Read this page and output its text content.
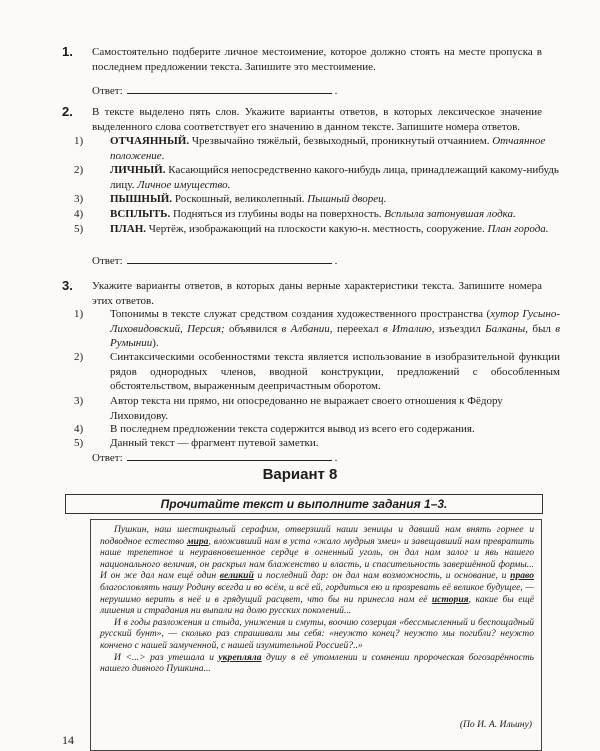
1. Самостоятельно подберите личное местоимение, которое должно стоять на месте пропуска в последнем предложении текста. Запишите это местоимение.
Ответ:	.
2. В тексте выделено пять слов. Укажите варианты ответов, в которых лексическое значение выделенного слова соответствует его значению в данном тексте. Запишите номера ответов.
1) ОТЧАЯННЫЙ. Чрезвычайно тяжёлый, безвыходный, проникнутый отчаянием. Отчаянное положение.
2) ЛИЧНЫЙ. Касающийся непосредственно какого-нибудь лица, принадлежащий какому-нибудь лицу. Личное имущество.
3) ПЫШНЫЙ. Роскошный, великолепный. Пышный дворец.
4) ВСПЛЫТЬ. Подняться из глубины воды на поверхность. Всплыла затонувшая лодка.
5) ПЛАН. Чертёж, изображающий на плоскости какую-н. местность, сооружение. План города.
Ответ:	.
3. Укажите варианты ответов, в которых даны верные характеристики текста. Запишите номера этих ответов.
1) Топонимы в тексте служат средством создания художественного пространства (хутор Гусыно-Лиховидовский, Персия; объявился в Албании, переехал в Италию, изъездил Балканы, был в Румынии).
2) Синтаксическими особенностями текста является использование в изобразительной функции рядов однородных членов, вводной конструкции, предложений с обособленным обстоятельством, выраженным деепричастным оборотом.
3) Автор текста ни прямо, ни опосредованно не выражает своего отношения к Фёдору Лиховидову.
4) В последнем предложении текста содержится вывод из всего его содержания.
Вариант 8
Прочитайте текст и выполните задания 1–3.

Пушкин, наш шестикрылый серафим, отверзший наши зеницы и давший нам внять горнее и подводное естество мира, вложивший нам в уста «жало мудрыя змеи» и завещавший нам превратить наше трепетное и неуравновешенное сердце в огненный уголь, он дал нам залог и явь нашего национального величия, он раскрыл нам блаженство и власть, и спасительность завершённой формы... И он же дал нам ещё один великий и последний дар: он дал нам возможность, и основание, и право благословлять нашу Родину всегда и во всём, и всё ей, гордиться ею и прозревать её великое будущее, — нерушимо верить в неё и в грядущий расцвет, что бы ни принесла нам её история, какие бы ещё лишения и страдания ни выпали на долю русских поколений...

И в годы разложения и стыда, унижения и смуты, воочию созерцая «бессмысленный и беспощадный русский бунт», — сколько раз спрашивали мы себя: «неужто конец? неужто мы погибли? неужто кончено с нашей замученной, с нашей изумительной Россией?..»

И <...> раз утешала и укрепляла душу в её утомлении и сомнении пророческая богозарённость нашего дивного Пушкина...

(По И. А. Ильину)
14
5) Данный текст — фрагмент путевой заметки.
Ответ:	.
